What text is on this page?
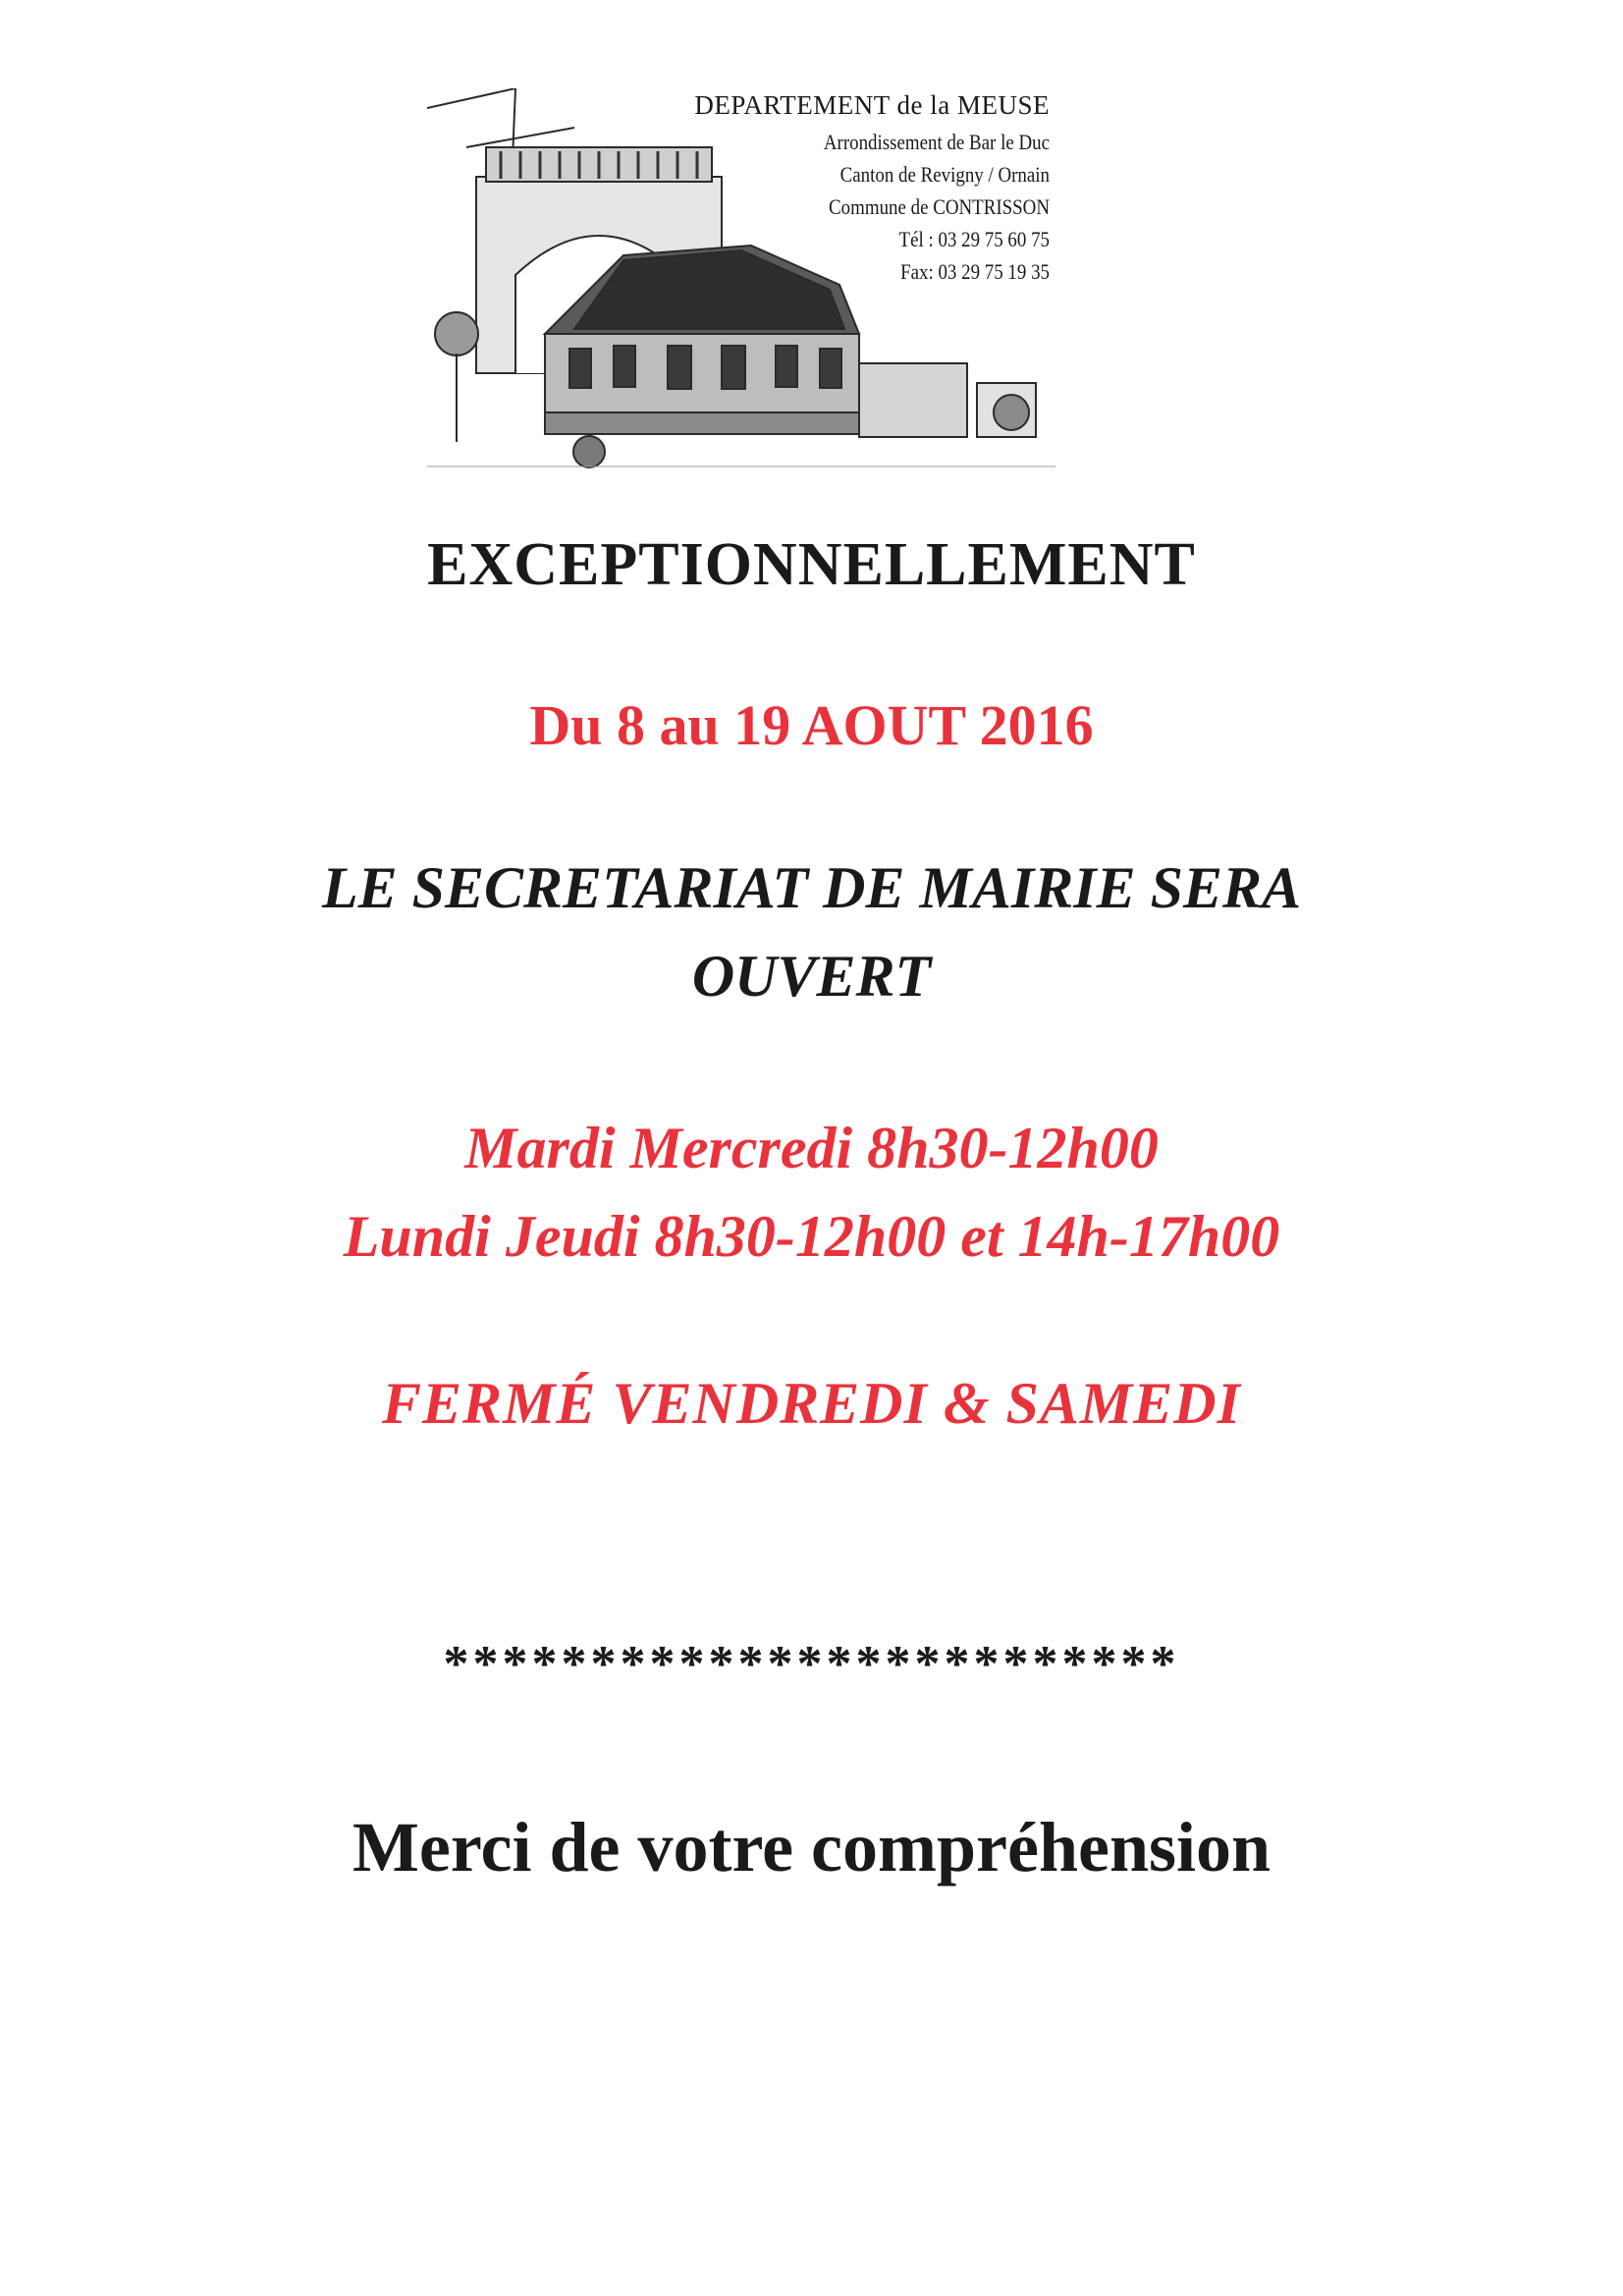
DEPARTEMENT de la MEUSE
Arrondissement de Bar le Duc
Canton de Revigny / Ornain
Commune de CONTRISSON
Tél : 03 29 75 60 75
Fax: 03 29 75 19 35
EXCEPTIONNELLEMENT
Du 8 au 19 AOUT 2016
LE SECRETARIAT DE MAIRIE SERA
OUVERT
Mardi Mercredi 8h30-12h00
Lundi Jeudi 8h30-12h00 et 14h-17h00
FERMÉ VENDREDI & SAMEDI
*************************
Merci de votre compréhension
